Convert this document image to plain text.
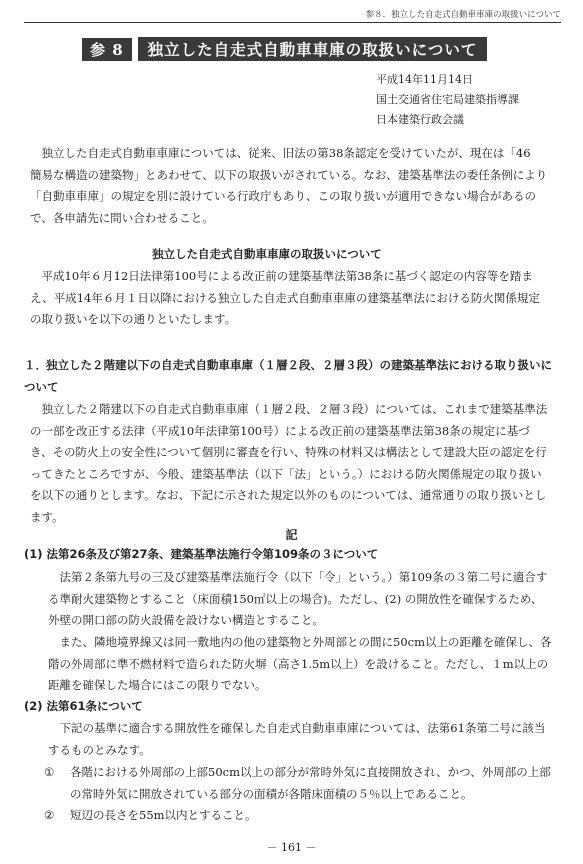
参８．独立した自走式自動車車庫の取扱いについて
参 8	独立した自走式自動車車庫の取扱いについて
平成14年11月14日
国土交通省住宅局建築指導課
日本建築行政会議
独立した自走式自動車車庫については、従来、旧法の第38条認定を受けていたが、現在は「46　簡易な構造の建築物」とあわせて、以下の取扱いがされている。なお、建築基準法の委任条例により「自動車車庫」の規定を別に設けている行政庁もあり、この取り扱いが適用できない場合があるので、各申請先に問い合わせること。
独立した自走式自動車車庫の取扱いについて
平成10年６月12日法律第100号による改正前の建築基準法第38条に基づく認定の内容等を踏まえ、平成14年６月１日以降における独立した自走式自動車車庫の建築基準法における防火関係規定の取り扱いを以下の通りといたします。
１．独立した２階建以下の自走式自動車車庫（１層２段、２層３段）の建築基準法における取り扱いについて
独立した２階建以下の自走式自動車車庫（１層２段、２層３段）については、これまで建築基準法の一部を改正する法律（平成10年法律第100号）による改正前の建築基準法第38条の規定に基づき、その防火上の安全性について個別に審査を行い、特殊の材料又は構法として建設大臣の認定を行ってきたところですが、今般、建築基準法（以下「法」という。）における防火関係規定の取り扱いを以下の通りとします。なお、下記に示された規定以外のものについては、通常通りの取り扱いとします。
記
(1) 法第26条及び第27条、建築基準法施行令第109条の３について
法第２条第九号の三及び建築基準法施行令（以下「令」という。）第109条の３第二号に適合する準耐火建築物とすること（床面積150㎡以上の場合)。ただし、(2) の開放性を確保するため、外壁の開口部の防火設備を設けない構造とすること。
また、隣地境界線又は同一敷地内の他の建築物と外周部との間に50cm以上の距離を確保し、各階の外周部に準不燃材料で造られた防火塀（高さ1.5m以上）を設けること。ただし、１m以上の距離を確保した場合にはこの限りでない。
(2) 法第61条について
下記の基準に適合する開放性を確保した自走式自動車車庫については、法第61条第二号に該当するものとみなす。
①	各階における外周部の上部50cm以上の部分が常時外気に直接開放され、かつ、外周部の上部の常時外気に開放されている部分の面積が各階床面積の５％以上であること。
②	短辺の長さを55m以内とすること。
－ 161 －
